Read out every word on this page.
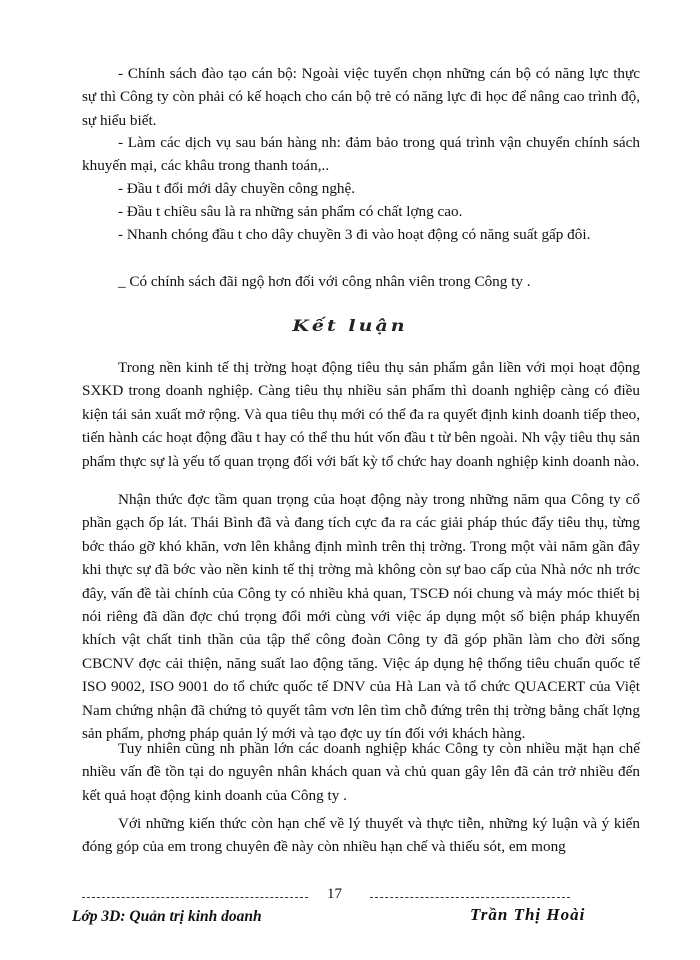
- Chính sách đào tạo cán bộ: Ngoài việc tuyển chọn những cán bộ có năng lực thực sự thì Công ty còn phải có kế hoạch cho cán bộ trẻ có năng lực đi học để nâng cao trình độ, sự hiểu biết.

- Làm các dịch vụ sau bán hàng nh: đảm bảo trong quá trình vận chuyển chính sách khuyến mại, các khâu trong thanh toán,..

- Đầu t đổi mới dây chuyền công nghệ.

- Đầu t chiều sâu là ra những sản phẩm có chất lợng cao.

- Nhanh chóng đầu t cho dây chuyền 3 đi vào hoạt động có năng suất gấp đôi.

_ Có chính sách đãi ngộ hơn đối với công nhân viên trong Công ty .

Kết luận

Trong nền kinh tế thị trờng hoạt động tiêu thụ sản phẩm gắn liền với mọi hoạt động SXKD trong doanh nghiệp. Càng tiêu thụ nhiều sản phẩm thì doanh nghiệp càng có điều kiện tái sản xuất mở rộng. Và qua tiêu thụ mới có thể đa ra quyết định kinh doanh tiếp theo, tiến hành các hoạt động đầu t hay có thể thu hút vốn đầu t từ bên ngoài. Nh vậy tiêu thụ sản phẩm thực sự là yếu tố quan trọng đối với bất kỳ tổ chức hay doanh nghiệp kinh doanh nào.

Nhận thức đợc tầm quan trọng của hoạt động này trong những năm qua Công ty cổ phần gạch ốp lát. Thái Bình đã và đang tích cực đa ra các giải pháp thúc đẩy tiêu thụ, từng bớc tháo gỡ khó khăn, vơn lên khẳng định mình trên thị trờng. Trong một vài năm gần đây khi thực sự đã bớc vào nền kinh tế thị trờng mà không còn sự bao cấp của Nhà nớc nh trớc đây, vấn đề tài chính của Công ty có nhiều khả quan, TSCĐ nói chung và máy móc thiết bị nói riêng đã dần đợc chú trọng đổi mới cùng với việc áp dụng một số biện pháp khuyến khích vật chất tinh thần của tập thể công đoàn Công ty đã góp phần làm cho đời sống CBCNV đợc cải thiện, năng suất lao động tăng. Việc áp dụng hệ thống tiêu chuẩn quốc tế ISO 9002, ISO 9001 do tổ chức quốc tế DNV của Hà Lan và tổ chức QUACERT của Việt Nam chứng nhận đã chứng tỏ quyết tâm vơn lên tìm chỗ đứng trên thị trờng bằng chất lợng sản phẩm, phơng pháp quản lý mới và tạo đợc uy tín đối với khách hàng.

Tuy nhiên cũng nh phần lớn các doanh nghiệp khác Công ty còn nhiều mặt hạn chế nhiều vấn đề tồn tại do nguyên nhân khách quan và chủ quan gây lên đã cản trở nhiều đến kết quả hoạt động kinh doanh của Công ty .

Với những kiến thức còn hạn chế về lý thuyết và thực tiễn, những ký luận và ý kiến đóng góp của em trong chuyên đề này còn nhiều hạn chế và thiếu sót, em mong

17
Lớp 3D: Quản trị kinh doanh	Trần Thị Hoài
